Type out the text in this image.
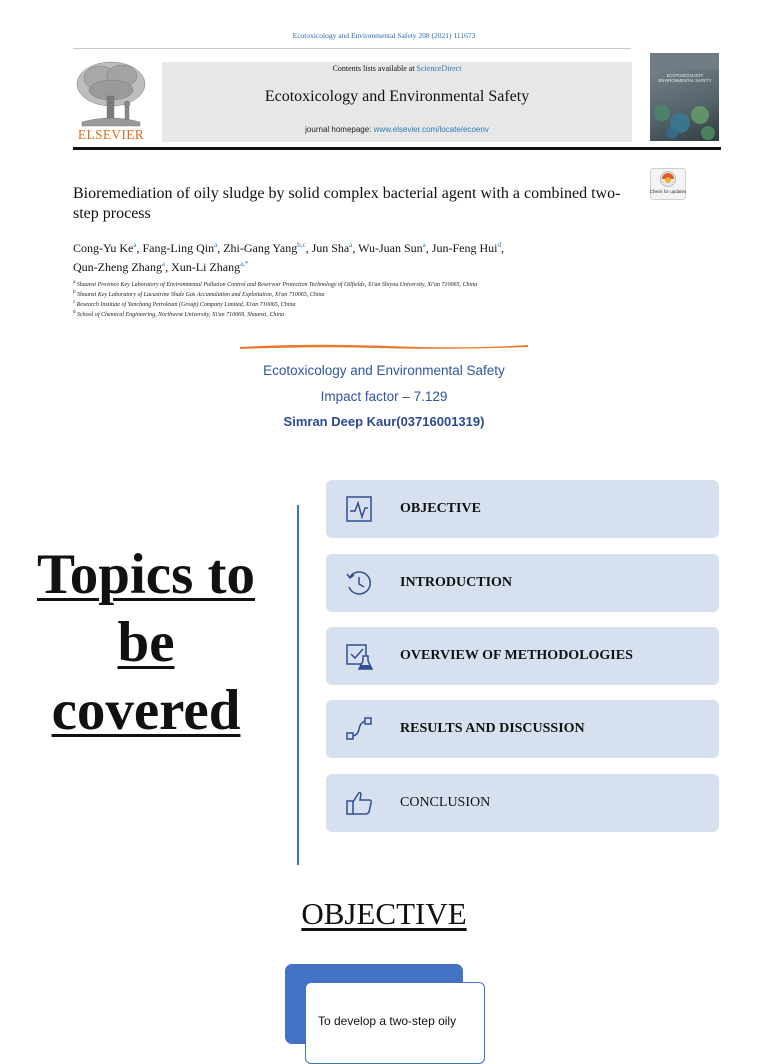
Ecotoxicology and Environmental Safety 208 (2021) 111673
ELSEVIER
Contents lists available at ScienceDirect
Ecotoxicology and Environmental Safety
journal homepage: www.elsevier.com/locate/ecoenv
ECOTOXICOLOGY ENVIRONMENTAL SAFETY
Check for updates
Bioremediation of oily sludge by solid complex bacterial agent with a combined two-step process
Cong-Yu Ke$^a$, Fang-Ling Qin$^a$, Zhi-Gang Yang$^{b,c}$, Jun Sha$^a$, Wu-Juan Sun$^a$, Jun-Feng Hui$^d$,
Qun-Zheng Zhang$^a$, Xun-Li Zhang$^{a,*}$
$^a$ Shaanxi Province Key Laboratory of Environmental Pollution Control and Reservoir Protection Technology of Oilfields, Xi'an Shiyou University, Xi'an 710065, China
$^b$ Shaanxi Key Laboratory of Lacustrine Shale Gas Accumulation and Exploitation, Xi'an 710065, China
$^c$ Research Institute of Yanchang Petroleum (Group) Company Limited, Xi'an 710065, China
$^d$ School of Chemical Engineering, Northwest University, Xi'an 710069, Shaanxi, China
Ecotoxicology and Environmental Safety
Impact factor – 7.129
Simran Deep Kaur(03716001319)
Topics to
be
covered
OBJECTIVE
INTRODUCTION
OVERVIEW OF METHODOLOGIES
RESULTS AND DISCUSSION
CONCLUSION
OBJECTIVE
To develop a two-step oily
